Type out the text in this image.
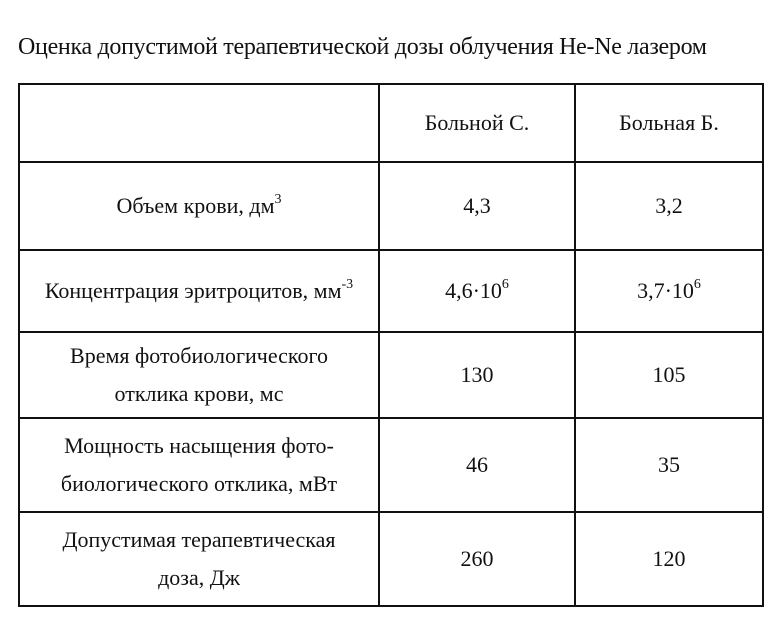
Оценка допустимой терапевтической дозы облучения He-Ne лазером
	Больной С.	Больная Б.
Объем крови, $дм^3$	4,3	3,2
Концентрация эритроцитов, $мм^{-3}$	$4,6\cdot 10^6$	$3,7\cdot 10^6$

Время фотобиологического
отклика крови, мс	130	105

Мощность насыщения фото-
биологического отклика, мВт	46	35

Допустимая терапевтическая
доза, Дж	260	120
